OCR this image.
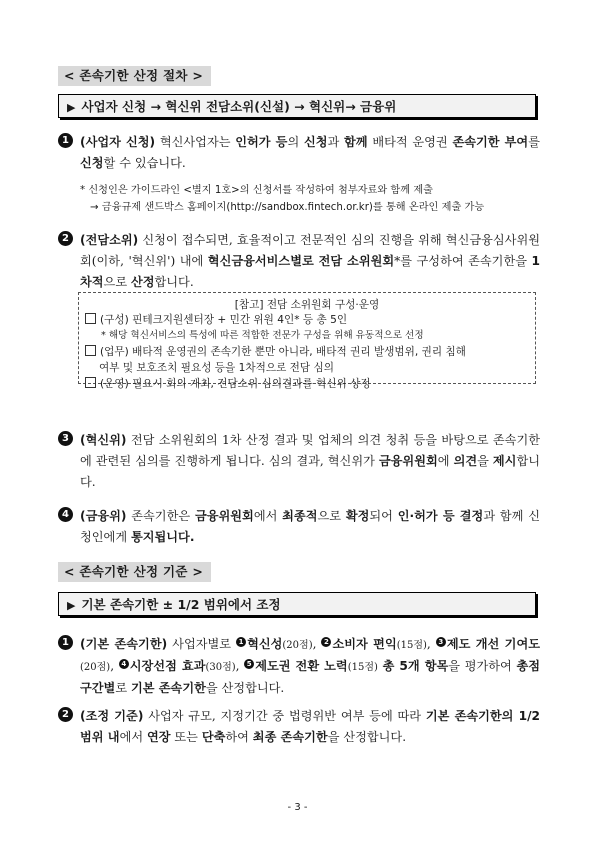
< 존속기한 산정 절차 >
▶ 사업자 신청 → 혁신위 전담소위(신설) → 혁신위→ 금융위
1 (사업자 신청) 혁신사업자는 인허가 등의 신청과 함께 배타적 운영권 존속기한 부여를 신청할 수 있습니다.
* 신청인은 가이드라인 <별지 1호>의 신청서를 작성하여 첨부자료와 함께 제출
→ 금융규제 샌드박스 홈페이지(http://sandbox.fintech.or.kr)를 통해 온라인 제출 가능
2 (전담소위) 신청이 접수되면, 효율적이고 전문적인 심의 진행을 위해 혁신금융심사위원회(이하, '혁신위') 내에 혁신금융서비스별로 전담 소위원회*를 구성하여 존속기한을 1차적으로 산정합니다.
[참고] 전담 소위원회 구성·운영
(구성) 핀테크지원센터장 + 민간 위원 4인* 등 총 5인
* 해당 혁신서비스의 특성에 따른 적합한 전문가 구성을 위해 유동적으로 선정
(업무) 배타적 운영권의 존속기한 뿐만 아니라, 배타적 권리 발생범위, 권리 침해
여부 및 보호조치 필요성 등을 1차적으로 전담 심의
(운영) 필요시 회의 개최, 전담소위 심의결과를 혁신위 상정
3 (혁신위) 전담 소위원회의 1차 산정 결과 및 업체의 의견 청취 등을 바탕으로 존속기한에 관련된 심의를 진행하게 됩니다. 심의 결과, 혁신위가 금융위원회에 의견을 제시합니다.
4 (금융위) 존속기한은 금융위원회에서 최종적으로 확정되어 인·허가 등 결정과 함께 신청인에게 통지됩니다.
< 존속기한 산정 기준 >
▶ 기본 존속기한 ± 1/2 범위에서 조정
1 (기본 존속기한) 사업자별로 $^1$ 혁신성(20점), $^2$ 소비자 편익(15점), $^3$ 제도 개선 기여도(20점), $^4$ 시장선점 효과(30점), $^5$ 제도권 전환 노력(15점) 총 5개 항목을 평가하여 총점 구간별로 기본 존속기한을 산정합니다.
2 (조정 기준) 사업자 규모, 지정기간 중 법령위반 여부 등에 따라 기본 존속기한의 1/2 범위 내에서 연장 또는 단축하여 최종 존속기한을 산정합니다.
- 3 -
